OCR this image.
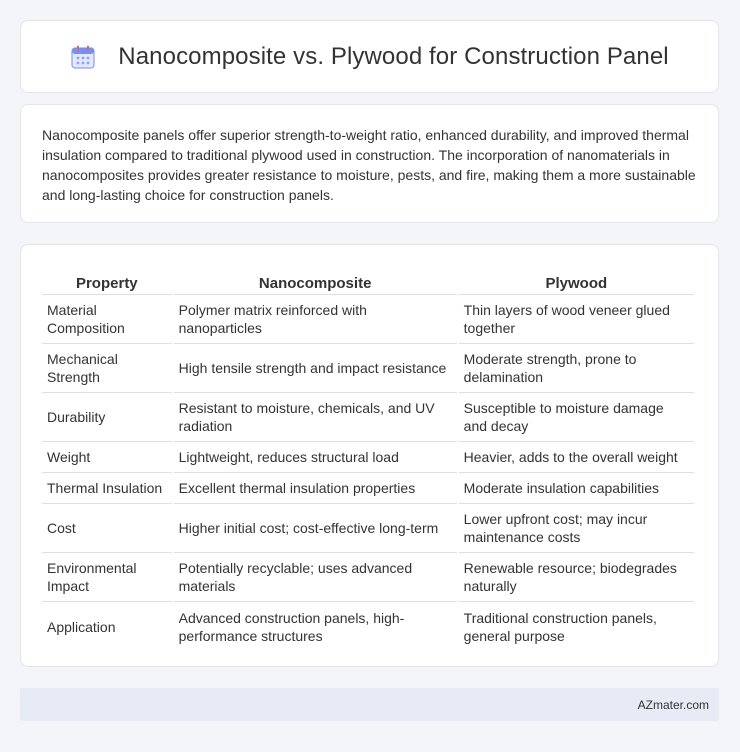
Nanocomposite vs. Plywood for Construction Panel

Nanocomposite panels offer superior strength-to-weight ratio, enhanced durability, and improved thermal insulation compared to traditional plywood used in construction. The incorporation of nanomaterials in nanocomposites provides greater resistance to moisture, pests, and fire, making them a more sustainable and long-lasting choice for construction panels.

Property	Nanocomposite	Plywood
Material Composition	Polymer matrix reinforced with nanoparticles	Thin layers of wood veneer glued together
Mechanical Strength	High tensile strength and impact resistance	Moderate strength, prone to delamination
Durability	Resistant to moisture, chemicals, and UV radiation	Susceptible to moisture damage and decay
Weight	Lightweight, reduces structural load	Heavier, adds to the overall weight
Thermal Insulation	Excellent thermal insulation properties	Moderate insulation capabilities
Cost	Higher initial cost; cost-effective long-term	Lower upfront cost; may incur maintenance costs
Environmental Impact	Potentially recyclable; uses advanced materials	Renewable resource; biodegrades naturally
Application	Advanced construction panels, high-performance structures	Traditional construction panels, general purpose
AZmater.com
